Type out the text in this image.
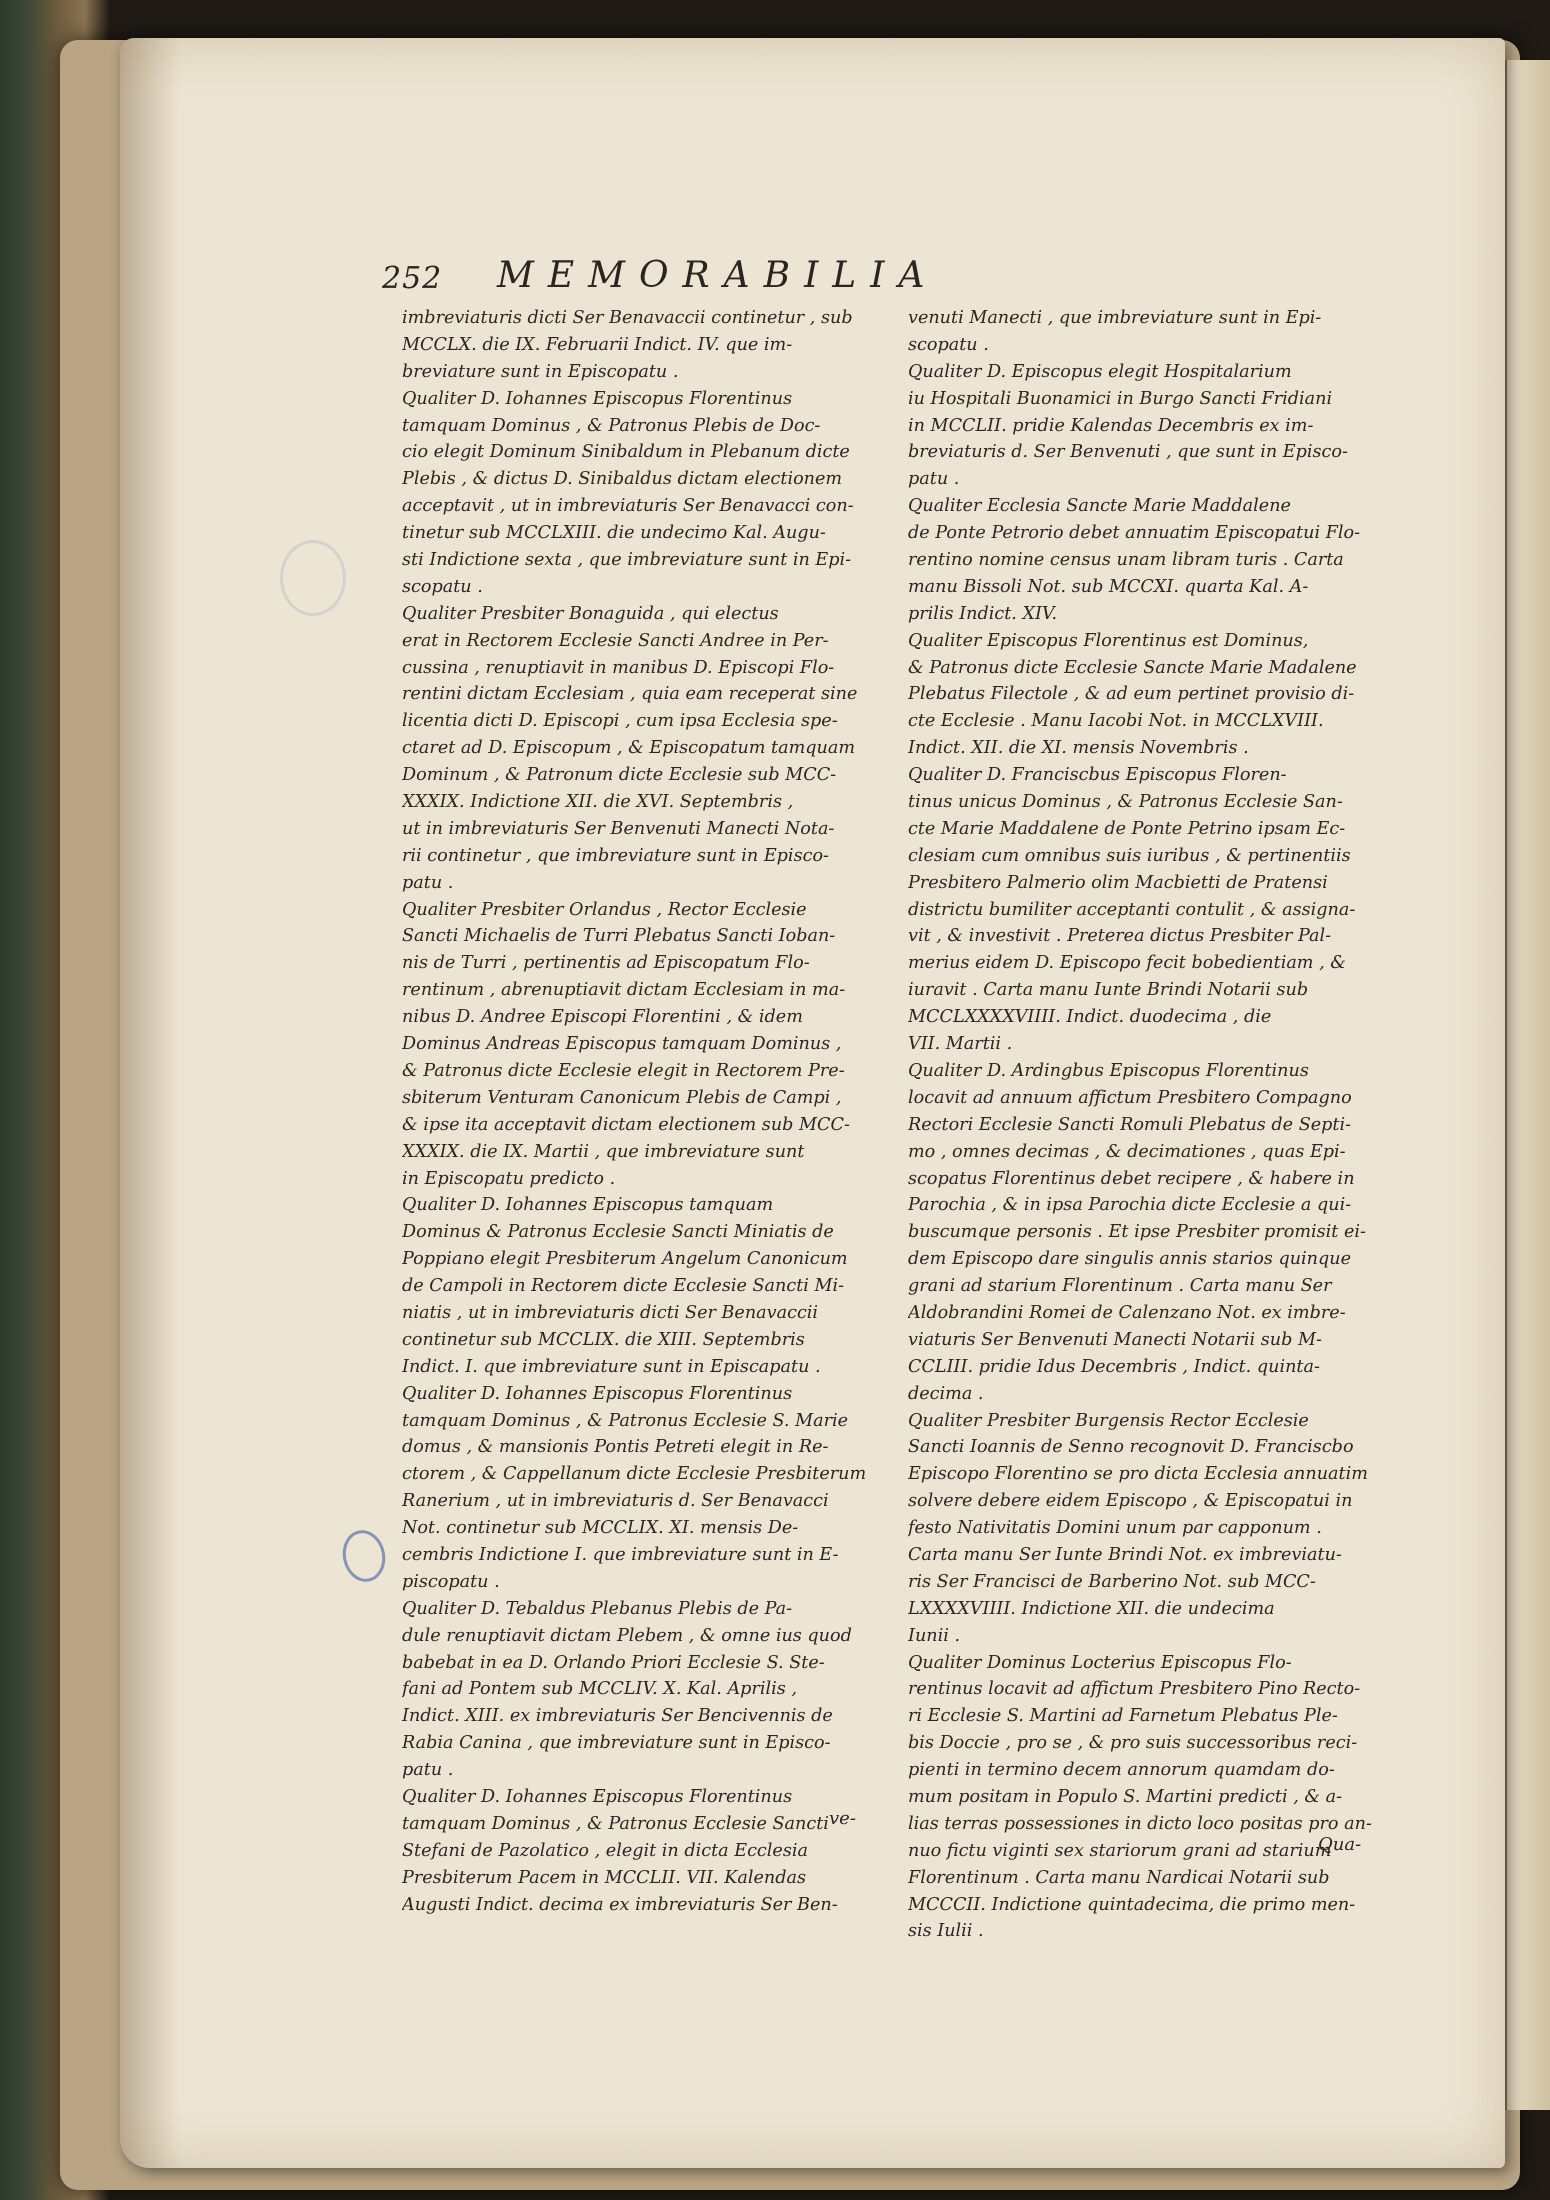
252 MEMORABILIA
imbreviaturis dicti Ser Benavaccii continetur , sub
MCCLX. die IX. Februarii Indict. IV. que im-
breviature sunt in Episcopatu .
Qualiter D. Iohannes Episcopus Florentinus
tamquam Dominus , & Patronus Plebis de Doc-
cio elegit Dominum Sinibaldum in Plebanum dicte
Plebis , & dictus D. Sinibaldus dictam electionem
acceptavit , ut in imbreviaturis Ser Benavacci con-
tinetur sub MCCLXIII. die undecimo Kal. Augu-
sti Indictione sexta , que imbreviature sunt in Epi-
scopatu .
Qualiter Presbiter Bonaguida , qui electus
erat in Rectorem Ecclesie Sancti Andree in Per-
cussina , renuptiavit in manibus D. Episcopi Flo-
rentini dictam Ecclesiam , quia eam receperat sine
licentia dicti D. Episcopi , cum ipsa Ecclesia spe-
ctaret ad D. Episcopum , & Episcopatum tamquam
Dominum , & Patronum dicte Ecclesie sub MCC-
XXXIX. Indictione XII. die XVI. Septembris ,
ut in imbreviaturis Ser Benvenuti Manecti Nota-
rii continetur , que imbreviature sunt in Episco-
patu .
Qualiter Presbiter Orlandus , Rector Ecclesie
Sancti Michaelis de Turri Plebatus Sancti Ioban-
nis de Turri , pertinentis ad Episcopatum Flo-
rentinum , abrenuptiavit dictam Ecclesiam in ma-
nibus D. Andree Episcopi Florentini , & idem
Dominus Andreas Episcopus tamquam Dominus ,
& Patronus dicte Ecclesie elegit in Rectorem Pre-
sbiterum Venturam Canonicum Plebis de Campi ,
& ipse ita acceptavit dictam electionem sub MCC-
XXXIX. die IX. Martii , que imbreviature sunt
in Episcopatu predicto .
Qualiter D. Iohannes Episcopus tamquam
Dominus & Patronus Ecclesie Sancti Miniatis de
Poppiano elegit Presbiterum Angelum Canonicum
de Campoli in Rectorem dicte Ecclesie Sancti Mi-
niatis , ut in imbreviaturis dicti Ser Benavaccii
continetur sub MCCLIX. die XIII. Septembris
Indict. I. que imbreviature sunt in Episcapatu .
Qualiter D. Iohannes Episcopus Florentinus
tamquam Dominus , & Patronus Ecclesie S. Marie
domus , & mansionis Pontis Petreti elegit in Re-
ctorem , & Cappellanum dicte Ecclesie Presbiterum
Ranerium , ut in imbreviaturis d. Ser Benavacci
Not. continetur sub MCCLIX. XI. mensis De-
cembris Indictione I. que imbreviature sunt in E-
piscopatu .
Qualiter D. Tebaldus Plebanus Plebis de Pa-
dule renuptiavit dictam Plebem , & omne ius quod
babebat in ea D. Orlando Priori Ecclesie S. Ste-
fani ad Pontem sub MCCLIV. X. Kal. Aprilis ,
Indict. XIII. ex imbreviaturis Ser Bencivennis de
Rabia Canina , que imbreviature sunt in Episco-
patu .
Qualiter D. Iohannes Episcopus Florentinus
tamquam Dominus , & Patronus Ecclesie Sancti
Stefani de Pazolatico , elegit in dicta Ecclesia
Presbiterum Pacem in MCCLII. VII. Kalendas
Augusti Indict. decima ex imbreviaturis Ser Ben-
venuti Manecti , que imbreviature sunt in Epi-
scopatu .
Qualiter D. Episcopus elegit Hospitalarium
iu Hospitali Buonamici in Burgo Sancti Fridiani
in MCCLII. pridie Kalendas Decembris ex im-
breviaturis d. Ser Benvenuti , que sunt in Episco-
patu .
Qualiter Ecclesia Sancte Marie Maddalene
de Ponte Petrorio debet annuatim Episcopatui Flo-
rentino nomine census unam libram turis . Carta
manu Bissoli Not. sub MCCXI. quarta Kal. A-
prilis Indict. XIV.
Qualiter Episcopus Florentinus est Dominus,
& Patronus dicte Ecclesie Sancte Marie Madalene
Plebatus Filectole , & ad eum pertinet provisio di-
cte Ecclesie . Manu Iacobi Not. in MCCLXVIII.
Indict. XII. die XI. mensis Novembris .
Qualiter D. Franciscbus Episcopus Floren-
tinus unicus Dominus , & Patronus Ecclesie San-
cte Marie Maddalene de Ponte Petrino ipsam Ec-
clesiam cum omnibus suis iuribus , & pertinentiis
Presbitero Palmerio olim Macbietti de Pratensi
districtu bumiliter acceptanti contulit , & assigna-
vit , & investivit . Preterea dictus Presbiter Pal-
merius eidem D. Episcopo fecit bobedientiam , &
iuravit . Carta manu Iunte Brindi Notarii sub
MCCLXXXXVIIII. Indict. duodecima , die
VII. Martii .
Qualiter D. Ardingbus Episcopus Florentinus
locavit ad annuum affictum Presbitero Compagno
Rectori Ecclesie Sancti Romuli Plebatus de Septi-
mo , omnes decimas , & decimationes , quas Epi-
scopatus Florentinus debet recipere , & habere in
Parochia , & in ipsa Parochia dicte Ecclesie a qui-
buscumque personis . Et ipse Presbiter promisit ei-
dem Episcopo dare singulis annis starios quinque
grani ad starium Florentinum . Carta manu Ser
Aldobrandini Romei de Calenzano Not. ex imbre-
viaturis Ser Benvenuti Manecti Notarii sub M-
CCLIII. pridie Idus Decembris , Indict. quinta-
decima .
Qualiter Presbiter Burgensis Rector Ecclesie
Sancti Ioannis de Senno recognovit D. Franciscbo
Episcopo Florentino se pro dicta Ecclesia annuatim
solvere debere eidem Episcopo , & Episcopatui in
festo Nativitatis Domini unum par capponum .
Carta manu Ser Iunte Brindi Not. ex imbreviatu-
ris Ser Francisci de Barberino Not. sub MCC-
LXXXXVIIII. Indictione XII. die undecima
Iunii .
Qualiter Dominus Locterius Episcopus Flo-
rentinus locavit ad affictum Presbitero Pino Recto-
ri Ecclesie S. Martini ad Farnetum Plebatus Ple-
bis Doccie , pro se , & pro suis successoribus reci-
pienti in termino decem annorum quamdam do-
mum positam in Populo S. Martini predicti , & a-
lias terras possessiones in dicto loco positas pro an-
nuo fictu viginti sex stariorum grani ad starium
Florentinum . Carta manu Nardicai Notarii sub
MCCCII. Indictione quintadecima, die primo men-
sis Iulii .
ve-
Qua-
